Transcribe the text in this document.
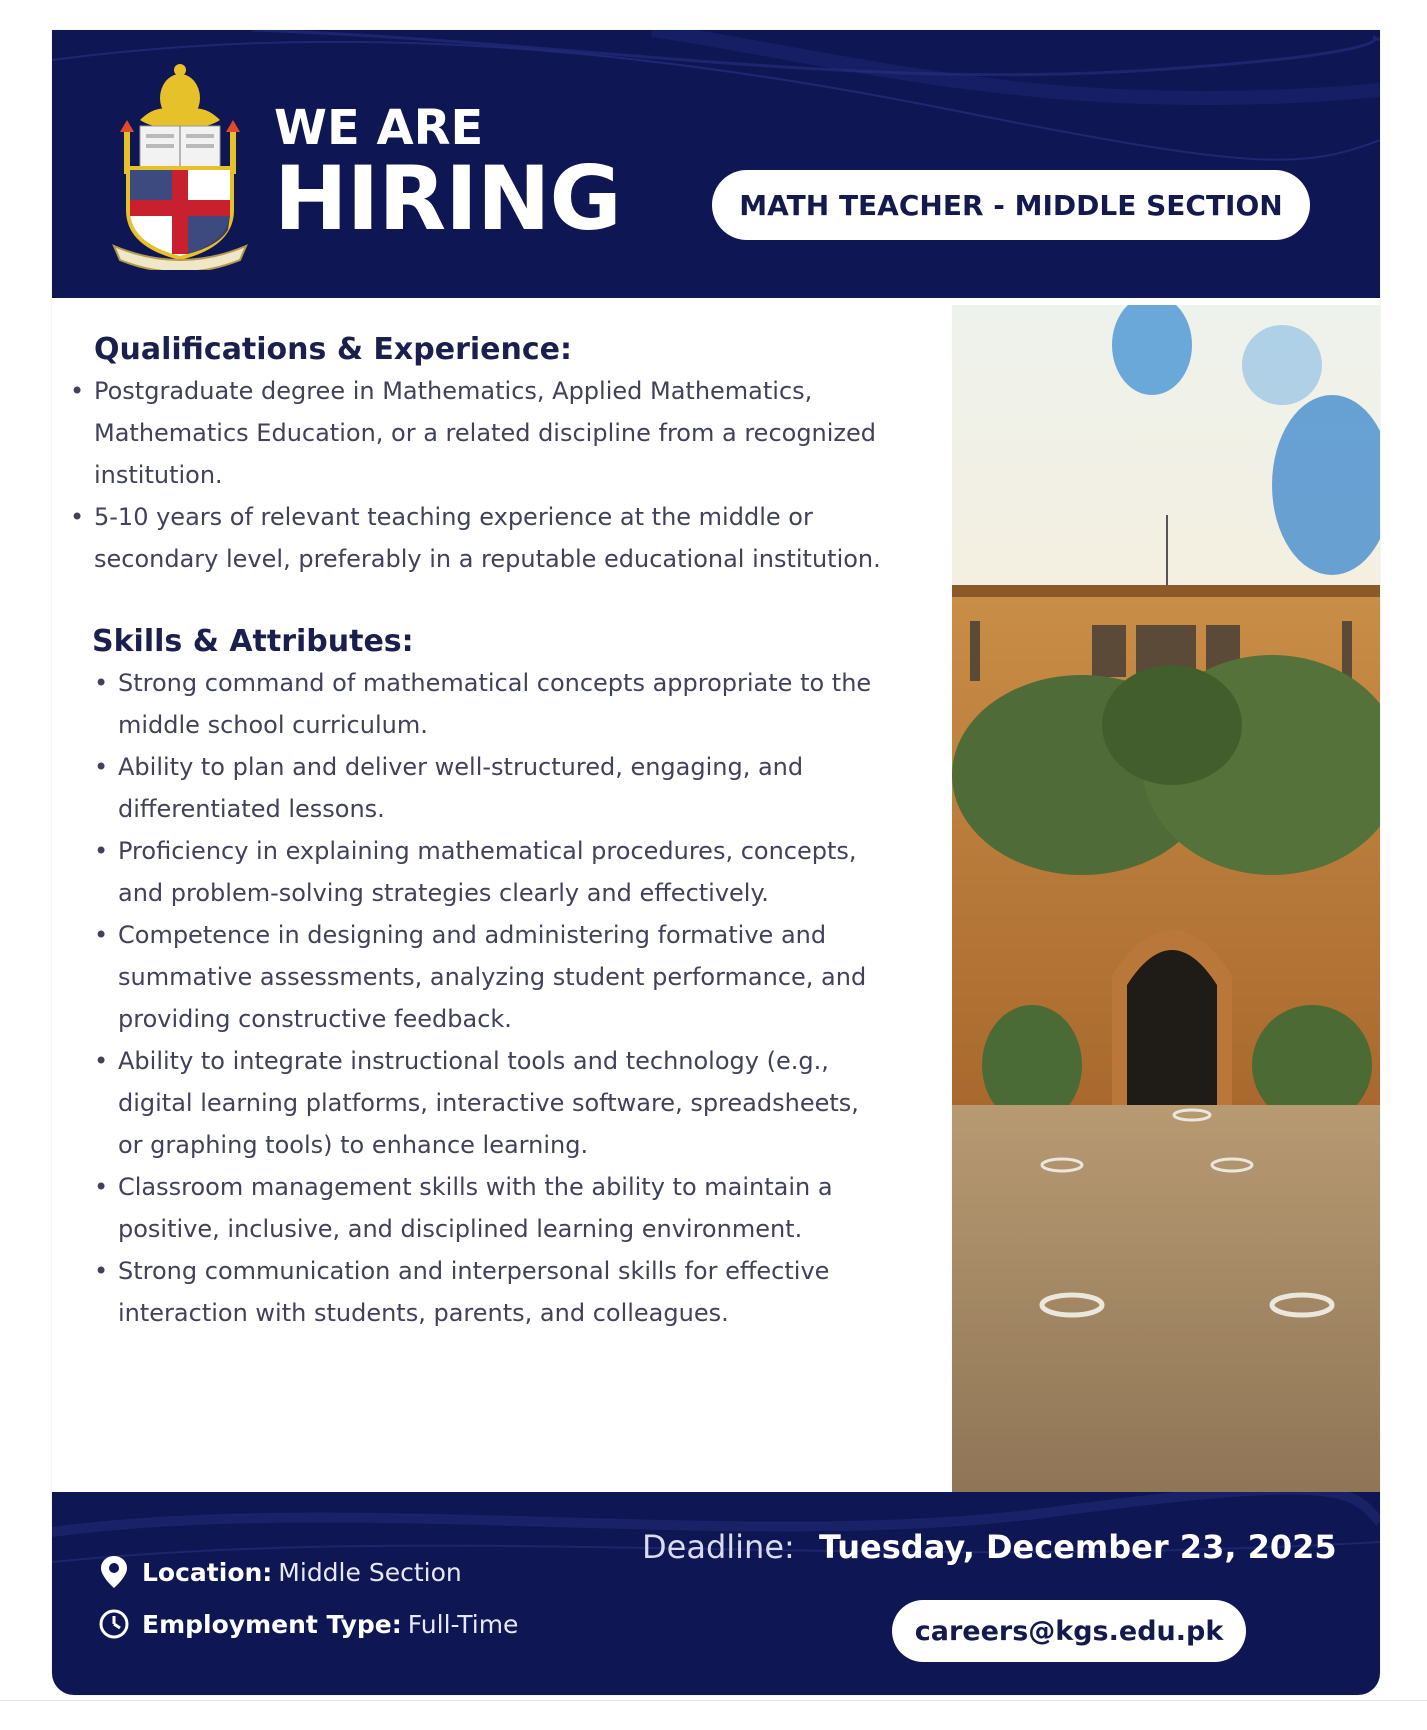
WE ARE
HIRING	MATH TEACHER - MIDDLE SECTION
Qualifications & Experience:
• Postgraduate degree in Mathematics, Applied Mathematics, Mathematics Education, or a related discipline from a recognized institution.
• 5-10 years of relevant teaching experience at the middle or secondary level, preferably in a reputable educational institution.
Skills & Attributes:
• Strong command of mathematical concepts appropriate to the middle school curriculum.
• Ability to plan and deliver well-structured, engaging, and differentiated lessons.
• Proficiency in explaining mathematical procedures, concepts, and problem-solving strategies clearly and effectively.
• Competence in designing and administering formative and summative assessments, analyzing student performance, and providing constructive feedback.
• Ability to integrate instructional tools and technology (e.g., digital learning platforms, interactive software, spreadsheets, or graphing tools) to enhance learning.
• Classroom management skills with the ability to maintain a positive, inclusive, and disciplined learning environment.
• Strong communication and interpersonal skills for effective interaction with students, parents, and colleagues.
Location: Middle Section
Employment Type: Full-Time
Deadline: Tuesday, December 23, 2025
careers@kgs.edu.pk
